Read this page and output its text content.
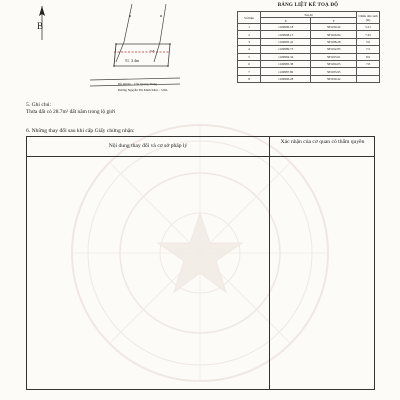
51. 3.4m
5.8
Đỗ đường – Cần Quang Trung
Đường Nguyễn Thị Minh Khai – 5.8m
B
BẢNG LIỆT KÊ TOẠ ĐỘ
Số hiệu	Toạ độ		Chiều dài cạnh (m)
	X	Y	
1	1169990.18	583190.42	5.21
2	1169998.15	583166.84	7.45
3	1169995.41	583188.28	5.6
4	1169989.73	583192.83	7.5
5	1169984.34	583193.61	8.9
6	1169985.38	583184.05	7.8
7	1169987.80	583183.95	
8	1169990.28	583190.42	
5. Ghi chú:
Thửa đất có 28.7m² đất nằm trong lộ giới
6. Những thay đổi sau khi cấp Giấy chứng nhận:
Nội dung thay đổi và cơ sở pháp lý
Xác nhận của cơ quan có thẩm quyền
